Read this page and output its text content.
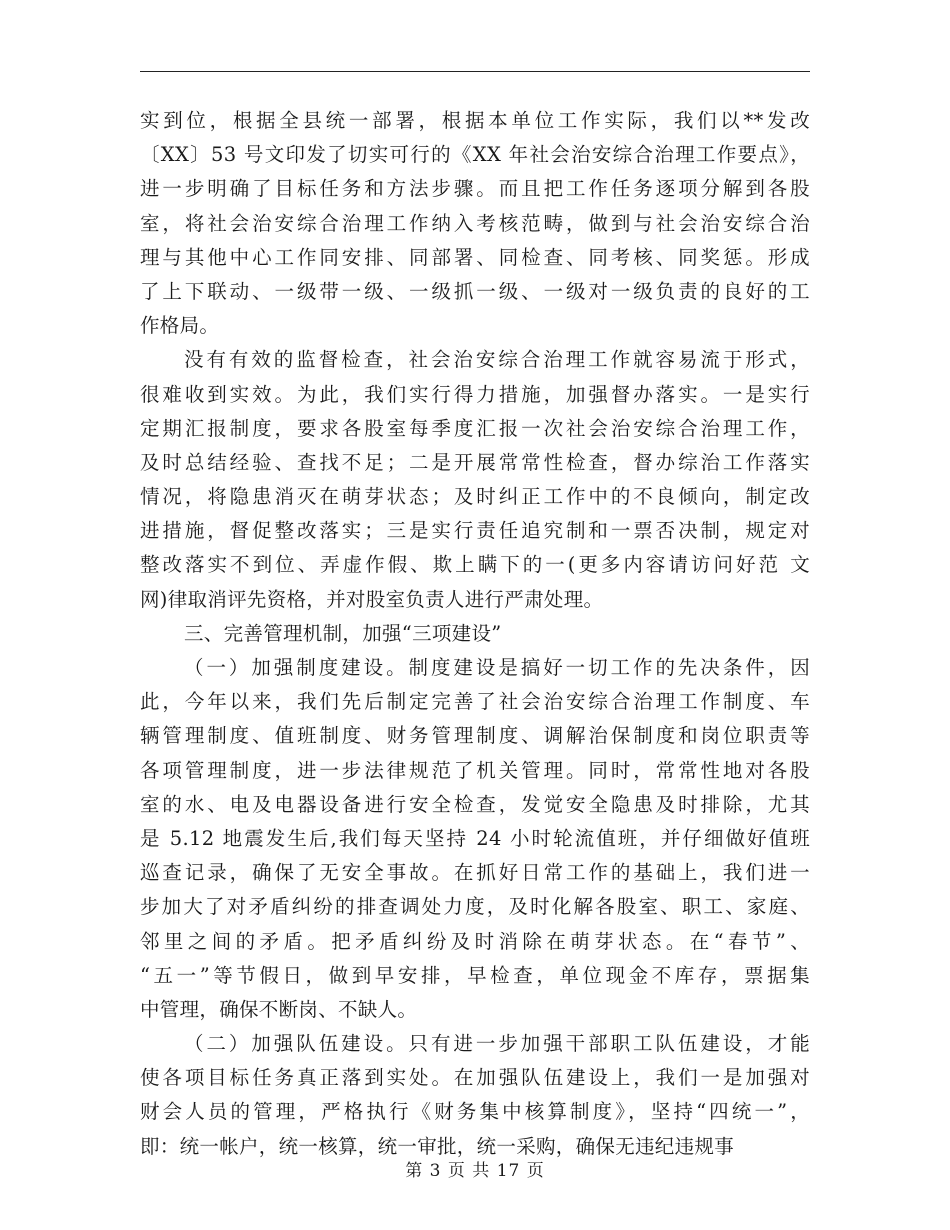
实到位，根据全县统一部署，根据本单位工作实际，我们以**发改
〔XX〕53 号文印发了切实可行的《XX 年社会治安综合治理工作要点》，
进一步明确了目标任务和方法步骤。而且把工作任务逐项分解到各股
室，将社会治安综合治理工作纳入考核范畴，做到与社会治安综合治
理与其他中心工作同安排、同部署、同检查、同考核、同奖惩。形成
了上下联动、一级带一级、一级抓一级、一级对一级负责的良好的工
作格局。
没有有效的监督检查，社会治安综合治理工作就容易流于形式，
很难收到实效。为此，我们实行得力措施，加强督办落实。一是实行
定期汇报制度，要求各股室每季度汇报一次社会治安综合治理工作，
及时总结经验、查找不足；二是开展常常性检查，督办综治工作落实
情况，将隐患消灭在萌芽状态；及时纠正工作中的不良倾向，制定改
进措施，督促整改落实；三是实行责任追究制和一票否决制，规定对
整改落实不到位、弄虚作假、欺上瞒下的一(更多内容请访问好范 文
网)律取消评先资格，并对股室负责人进行严肃处理。
三、完善管理机制，加强“三项建设”
（一）加强制度建设。制度建设是搞好一切工作的先决条件，因
此，今年以来，我们先后制定完善了社会治安综合治理工作制度、车
辆管理制度、值班制度、财务管理制度、调解治保制度和岗位职责等
各项管理制度，进一步法律规范了机关管理。同时，常常性地对各股
室的水、电及电器设备进行安全检查，发觉安全隐患及时排除，尤其
是 5.12 地震发生后,我们每天坚持 24 小时轮流值班，并仔细做好值班
巡查记录，确保了无安全事故。在抓好日常工作的基础上，我们进一
步加大了对矛盾纠纷的排查调处力度，及时化解各股室、职工、家庭、
邻里之间的矛盾。把矛盾纠纷及时消除在萌芽状态。在“春节”、
“五一”等节假日，做到早安排，早检查，单位现金不库存，票据集
中管理，确保不断岗、不缺人。
（二）加强队伍建设。只有进一步加强干部职工队伍建设，才能
使各项目标任务真正落到实处。在加强队伍建设上，我们一是加强对
财会人员的管理，严格执行《财务集中核算制度》，坚持“四统一”，
即：统一帐户，统一核算，统一审批，统一采购，确保无违纪违规事
第 3 页 共 17 页
